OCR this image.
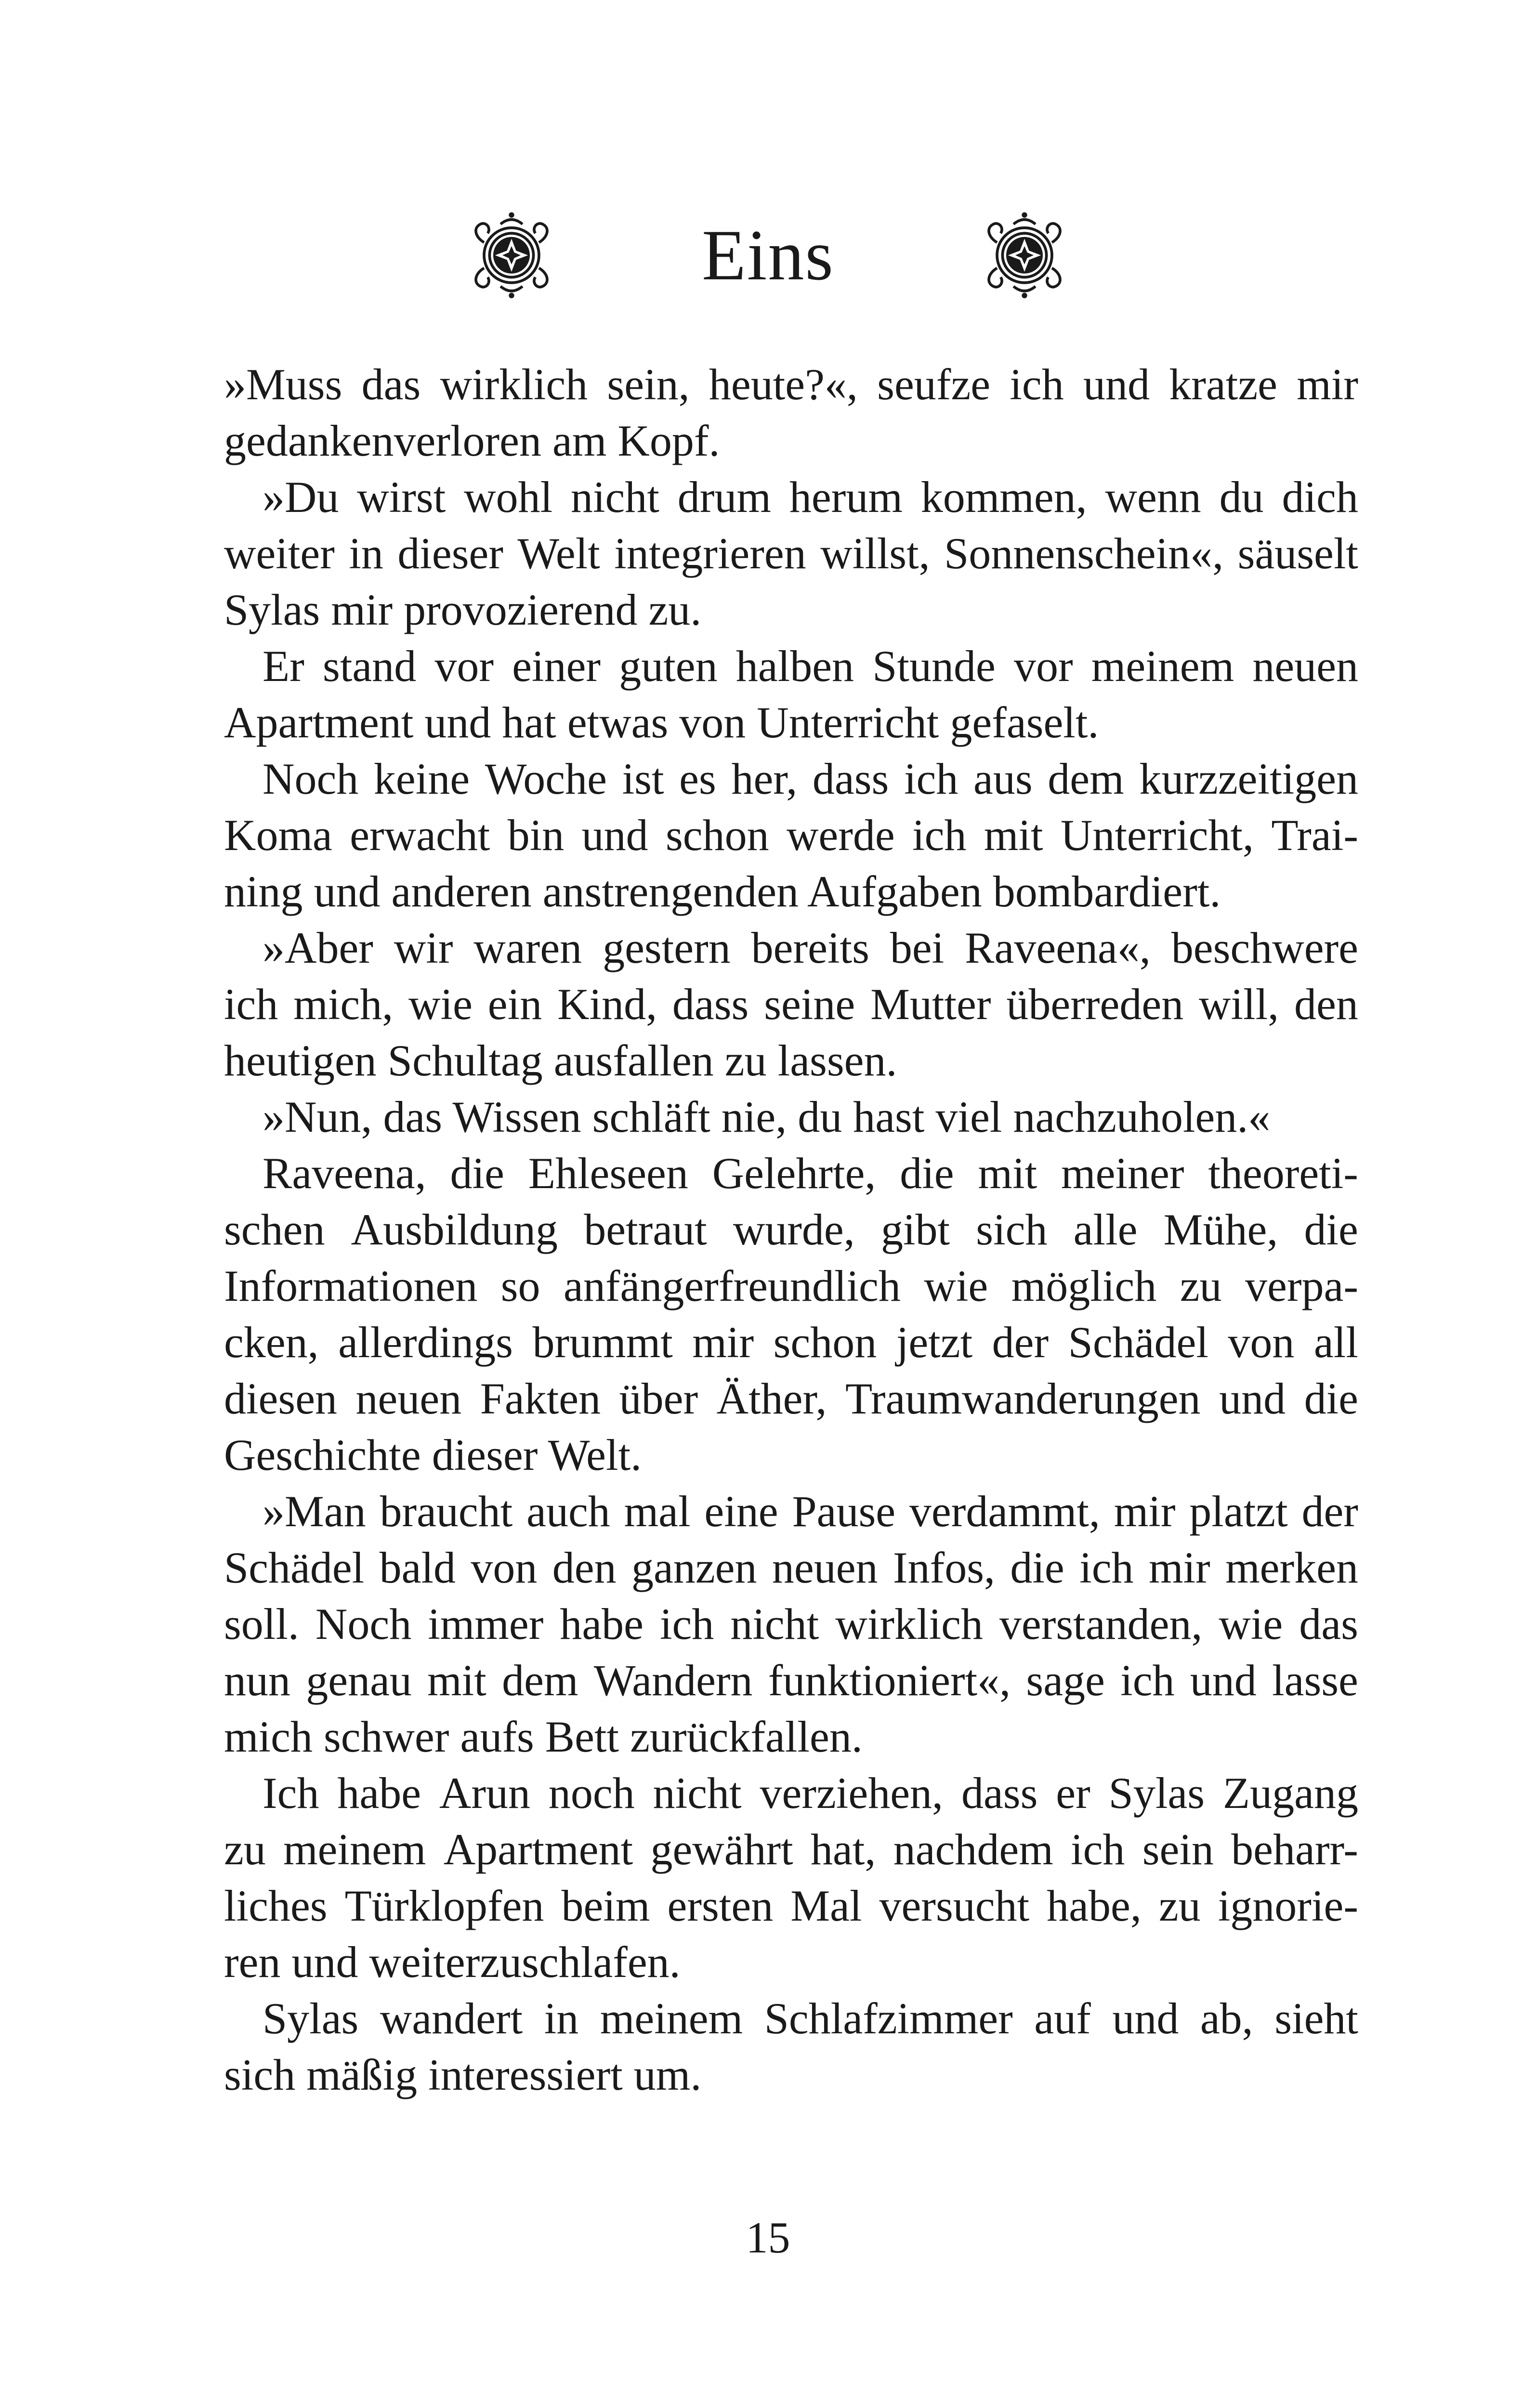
Eins
»Muss das wirklich sein, heute?«, seufze ich und kratze mir
gedankenverloren am Kopf.
»Du wirst wohl nicht drum herum kommen, wenn du dich
weiter in dieser Welt integrieren willst, Sonnenschein«, säuselt
Sylas mir provozierend zu.
Er stand vor einer guten halben Stunde vor meinem neuen
Apartment und hat etwas von Unterricht gefaselt.
Noch keine Woche ist es her, dass ich aus dem kurzzeitigen
Koma erwacht bin und schon werde ich mit Unterricht, Trai-
ning und anderen anstrengenden Aufgaben bombardiert.
»Aber wir waren gestern bereits bei Raveena«, beschwere
ich mich, wie ein Kind, dass seine Mutter überreden will, den
heutigen Schultag ausfallen zu lassen.
»Nun, das Wissen schläft nie, du hast viel nachzuholen.«
Raveena, die Ehleseen Gelehrte, die mit meiner theoreti-
schen Ausbildung betraut wurde, gibt sich alle Mühe, die
Informationen so anfängerfreundlich wie möglich zu verpa-
cken, allerdings brummt mir schon jetzt der Schädel von all
diesen neuen Fakten über Äther, Traumwanderungen und die
Geschichte dieser Welt.
»Man braucht auch mal eine Pause verdammt, mir platzt der
Schädel bald von den ganzen neuen Infos, die ich mir merken
soll. Noch immer habe ich nicht wirklich verstanden, wie das
nun genau mit dem Wandern funktioniert«, sage ich und lasse
mich schwer aufs Bett zurückfallen.
Ich habe Arun noch nicht verziehen, dass er Sylas Zugang
zu meinem Apartment gewährt hat, nachdem ich sein beharr-
liches Türklopfen beim ersten Mal versucht habe, zu ignorie-
ren und weiterzuschlafen.
Sylas wandert in meinem Schlafzimmer auf und ab, sieht
sich mäßig interessiert um.
15
